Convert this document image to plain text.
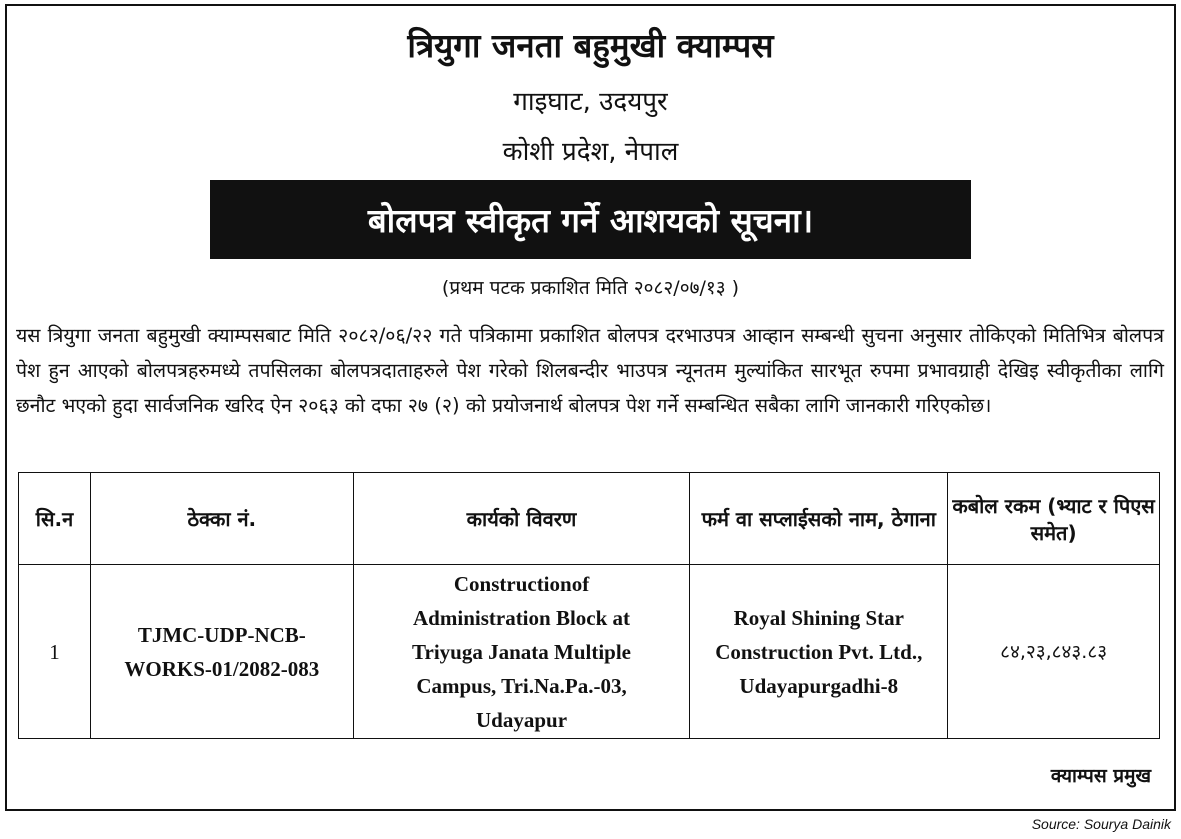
त्रियुगा जनता बहुमुखी क्याम्पस
गाइघाट, उदयपुर
कोशी प्रदेश, नेपाल
बोलपत्र स्वीकृत गर्ने आशयको सूचना।
(प्रथम पटक प्रकाशित मिति २०८२/०७/१३ )
यस त्रियुगा जनता बहुमुखी क्याम्पसबाट मिति २०८२/०६/२२ गते पत्रिकामा प्रकाशित बोलपत्र दरभाउपत्र आव्हान सम्बन्धी सुचना अनुसार तोकिएको मितिभित्र बोलपत्र पेश हुन आएको बोलपत्रहरुमध्ये तपसिलका बोलपत्रदाताहरुले पेश गरेको शिलबन्दीर भाउपत्र न्यूनतम मुल्यांकित सारभूत रुपमा प्रभावग्राही देखिइ स्वीकृतीका लागि छनौट भएको हुदा सार्वजनिक खरिद ऐन २०६३ को दफा २७ (२) को प्रयोजनार्थ बोलपत्र पेश गर्ने सम्बन्धित सबैका लागि जानकारी गरिएकोछ।
सि.न	ठेक्का नं.	कार्यको विवरण	फर्म वा सप्लाईसको नाम, ठेगाना	कबोल रकम (भ्याट र पिएस समेत)
1	TJMC-UDP-NCB-WORKS-01/2082-083	Constructionof Administration Block at Triyuga Janata Multiple Campus, Tri.Na.Pa.-03, Udayapur	Royal Shining Star Construction Pvt. Ltd., Udayapurgadhi-8	८४,२३,८४३.८३
क्याम्पस प्रमुख
Source: Sourya Dainik
